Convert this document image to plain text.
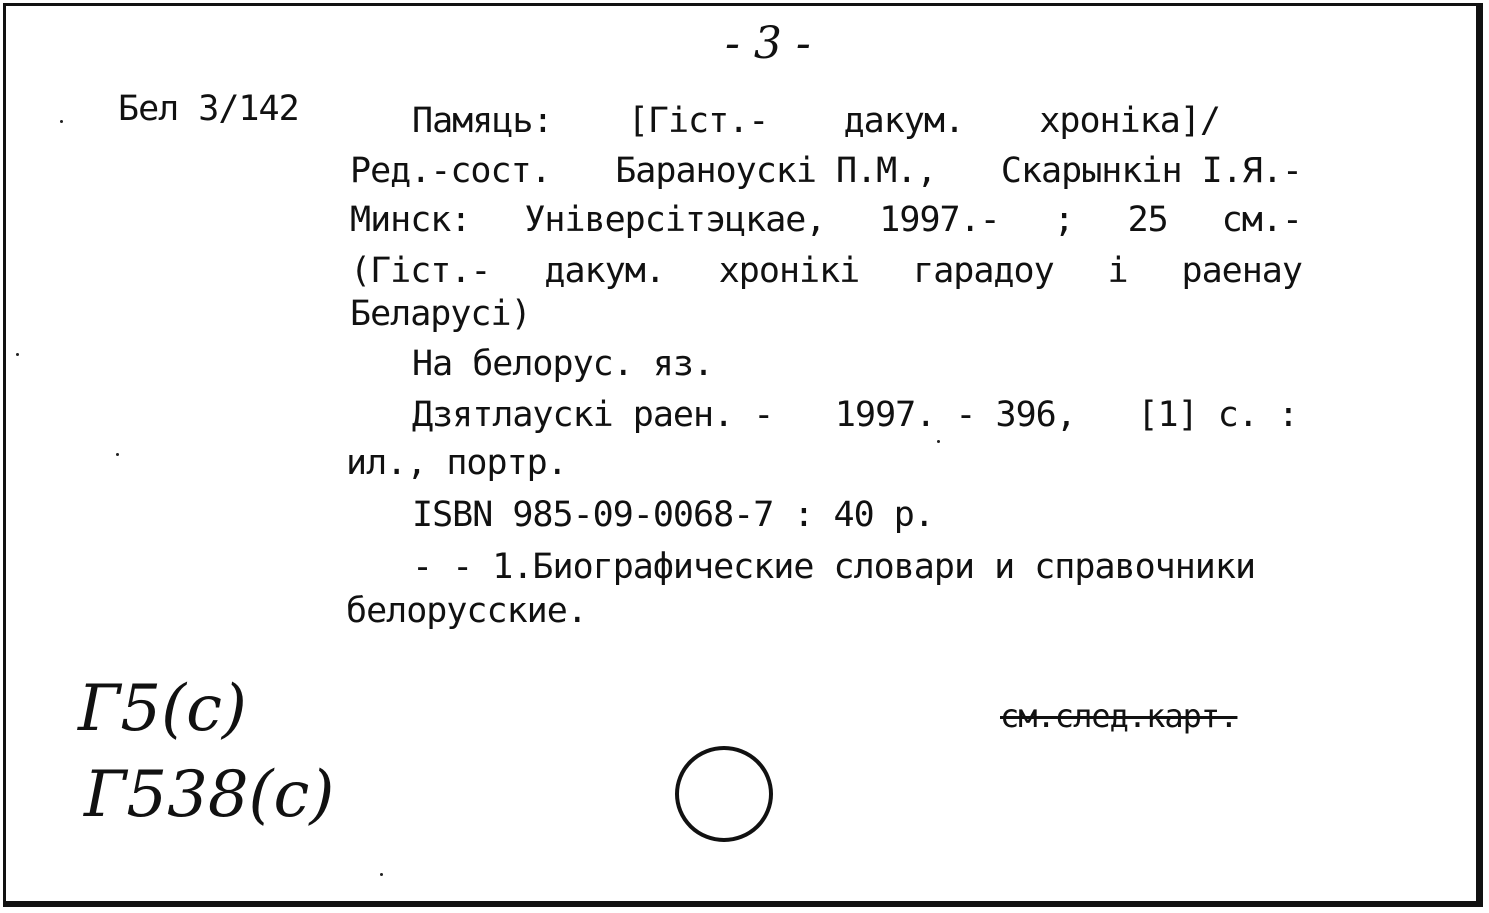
- 3 -
Бел 3/142	Памяць: [Гiст.- дакум. хронiка]/
Ред.-сост. Бараноускi П.М., Скарынкiн I.Я.-
Минск: Унiверсiтэцкае, 1997.- ; 25 см.-
(Гiст.- дакум. хронiкi гарадоу i раенау
Беларусi)
На белорус. яз.
Дзятлаускi раен. - 1997. - 396, [1] с. :
ил., портр.
ISBN 985-09-0068-7 : 40 р.
- - 1.Биографические словари и справочники
белорусские.
см.след.карт.
Г5(с)
Г538(с)
